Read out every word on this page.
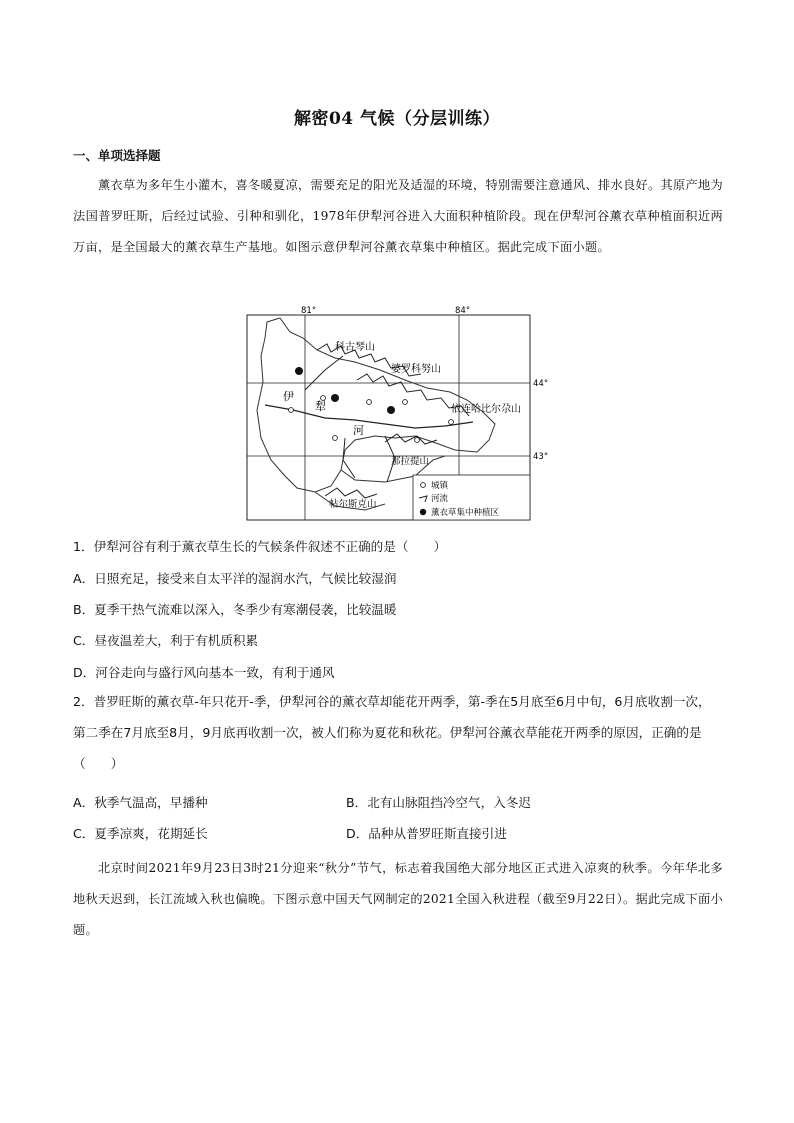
解密04 气候（分层训练）
一、单项选择题
薰衣草为多年生小灌木，喜冬暖夏凉，需要充足的阳光及适湿的环境，特别需要注意通风、排水良好。其原产地为法国普罗旺斯，后经过试验、引种和驯化，1978年伊犁河谷进入大面积种植阶段。现在伊犁河谷薰衣草种植面积近两万亩，是全国最大的薰衣草生产基地。如图示意伊犁河谷薰衣草集中种植区。据此完成下面小题。
81°	84°
44°
43°
科古琴山
婆罗科努山
依连哈比尔尕山
伊
犁
河
那拉提山
帖尔斯克山
城镇
河流
薰衣草集中种植区
1．伊犁河谷有利于薰衣草生长的气候条件叙述不正确的是（　　）
A．日照充足，接受来自太平洋的湿润水汽，气候比较湿润
B．夏季干热气流难以深入，冬季少有寒潮侵袭，比较温暖
C．昼夜温差大，利于有机质积累
D．河谷走向与盛行风向基本一致，有利于通风
2．普罗旺斯的薰衣草-年只花开-季，伊犁河谷的薰衣草却能花开两季，第-季在5月底至6月中旬，6月底收割一次，第二季在7月底至8月，9月底再收割一次，被人们称为夏花和秋花。伊犁河谷薰衣草能花开两季的原因，正确的是（　　）
A．秋季气温高，早播种	B．北有山脉阻挡冷空气，入冬迟
C．夏季凉爽，花期延长	D．品种从普罗旺斯直接引进
北京时间2021年9月23日3时21分迎来“秋分”节气，标志着我国绝大部分地区正式进入凉爽的秋季。今年华北多地秋天迟到，长江流域入秋也偏晚。下图示意中国天气网制定的2021全国入秋进程（截至9月22日）。据此完成下面小题。
